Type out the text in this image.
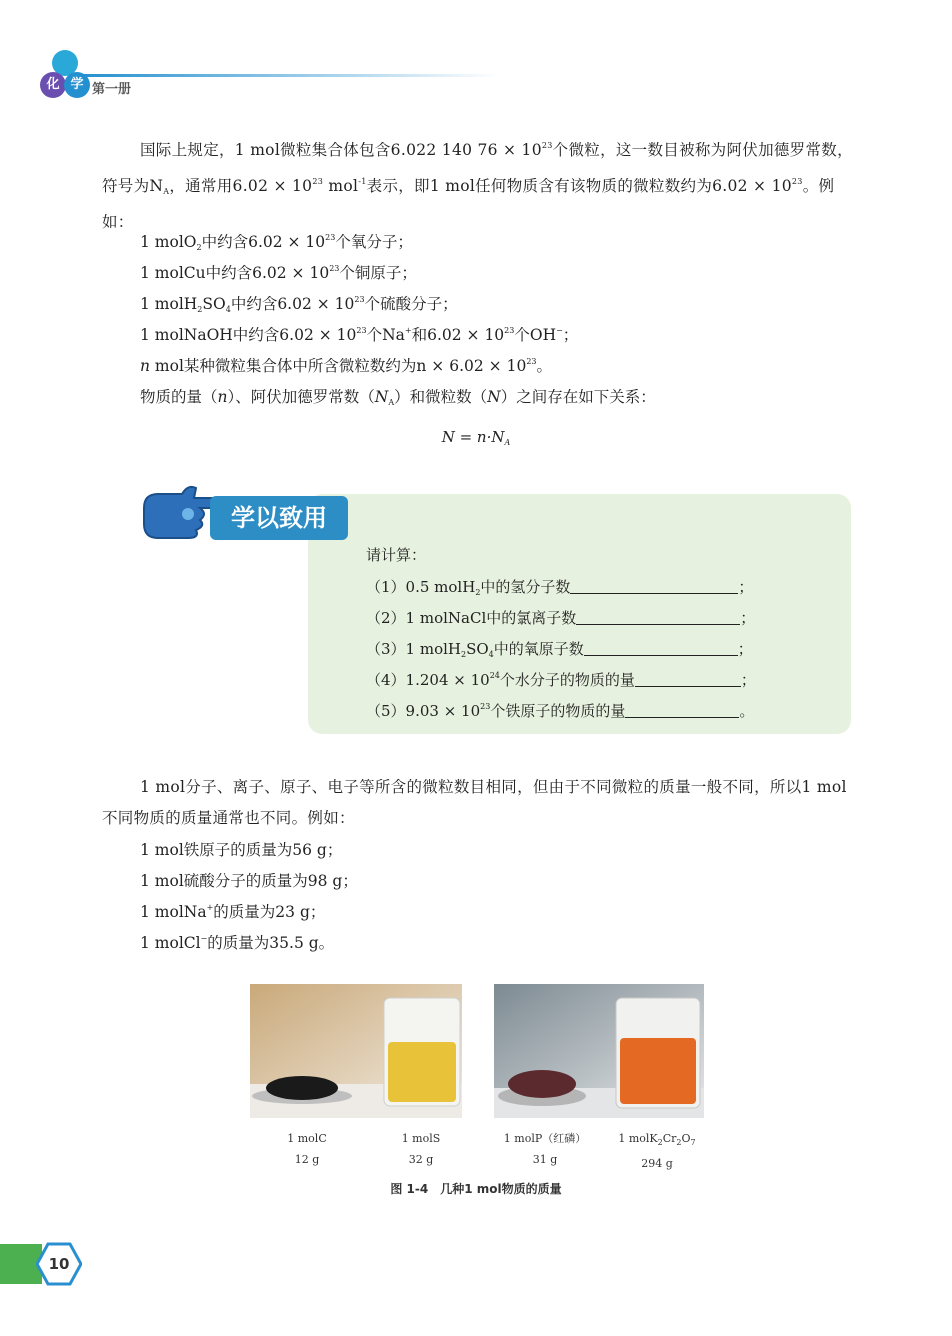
化 学 第一册
国际上规定，1 mol微粒集合体包含6.022 140 $76 \times 10^{23}$个微粒，这一数目被称为阿伏加德罗常数，符号为$N_A$，通常用$6.02 \times 10^{23}$ mol$^{-1}$表示，即1 mol任何物质含有该物质的微粒数约为$6.02 \times 10^{23}$。例如：
1 molO$_2$中约含$6.02 \times 10^{23}$个氧分子；
1 molCu中约含$6.02 \times 10^{23}$个铜原子；
1 $molH_2SO_4$中约含$6.02 \times 10^{23}$个硫酸分子；
1 molNaOH中约含$6.02 \times 10^{23}$个Na+和$6.02 \times 10^{23}$个OH−；
n mol某种微粒集合体中所含微粒数约为$n \times 6.02 \times 10^{23}$。
物质的量（n）、阿伏加德罗常数$(N_A)$和微粒数（N）之间存在如下关系：
$N = n\cdot N_A$
学以致用
请计算：
（1）0.5 molH$_2$中的氢分子数	；
（2）1 molNaCl中的氯离子数	；
（3）1 $molH_2SO_4$中的氧原子数	；
$(4)1.204 \times 10^{24}$个水分子的物质的量	；
$(5)9.03 \times 10^{23}$个铁原子的物质的量	。
1 mol分子、离子、原子、电子等所含的微粒数目相同，但由于不同微粒的质量一般不同，所以1 mol不同物质的质量通常也不同。例如：
1 mol铁原子的质量为56 g；
1 mol硫酸分子的质量为98 g；
1 molNa+的质量为23 g；
1 molCl−的质量为35.5 g。
1 molC
12 g
1 molS
32 g
1 molP（红磷）
31 g
1 $molK_2Cr_2O_7$
294 g
图 1-4　几种1 mol物质的质量
10
